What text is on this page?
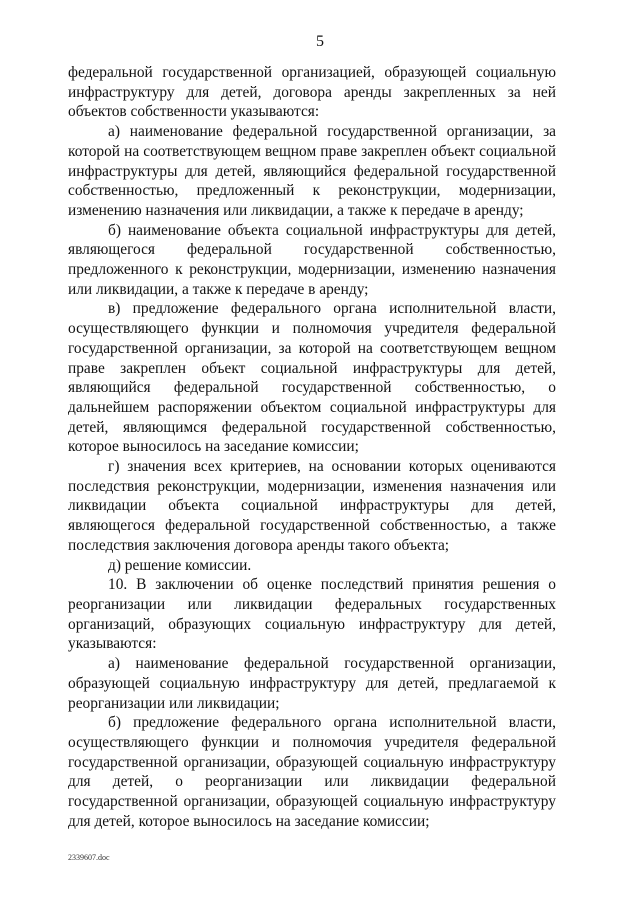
5

федеральной государственной организацией, образующей социальную инфраструктуру для детей, договора аренды закрепленных за ней объектов собственности указываются:

а) наименование федеральной государственной организации, за которой на соответствующем вещном праве закреплен объект социальной инфраструктуры для детей, являющийся федеральной государственной собственностью, предложенный к реконструкции, модернизации, изменению назначения или ликвидации, а также к передаче в аренду;

б) наименование объекта социальной инфраструктуры для детей, являющегося федеральной государственной собственностью, предложенного к реконструкции, модернизации, изменению назначения или ликвидации, а также к передаче в аренду;

в) предложение федерального органа исполнительной власти, осуществляющего функции и полномочия учредителя федеральной государственной организации, за которой на соответствующем вещном праве закреплен объект социальной инфраструктуры для детей, являющийся федеральной государственной собственностью, о дальнейшем распоряжении объектом социальной инфраструктуры для детей, являющимся федеральной государственной собственностью, которое выносилось на заседание комиссии;

г) значения всех критериев, на основании которых оцениваются последствия реконструкции, модернизации, изменения назначения или ликвидации объекта социальной инфраструктуры для детей, являющегося федеральной государственной собственностью, а также последствия заключения договора аренды такого объекта;

д) решение комиссии.

10. В заключении об оценке последствий принятия решения о реорганизации или ликвидации федеральных государственных организаций, образующих социальную инфраструктуру для детей, указываются:

а) наименование федеральной государственной организации, образующей социальную инфраструктуру для детей, предлагаемой к реорганизации или ликвидации;

б) предложение федерального органа исполнительной власти, осуществляющего функции и полномочия учредителя федеральной государственной организации, образующей социальную инфраструктуру для детей, о реорганизации или ликвидации федеральной государственной организации, образующей социальную инфраструктуру для детей, которое выносилось на заседание комиссии;

2339607.doc
